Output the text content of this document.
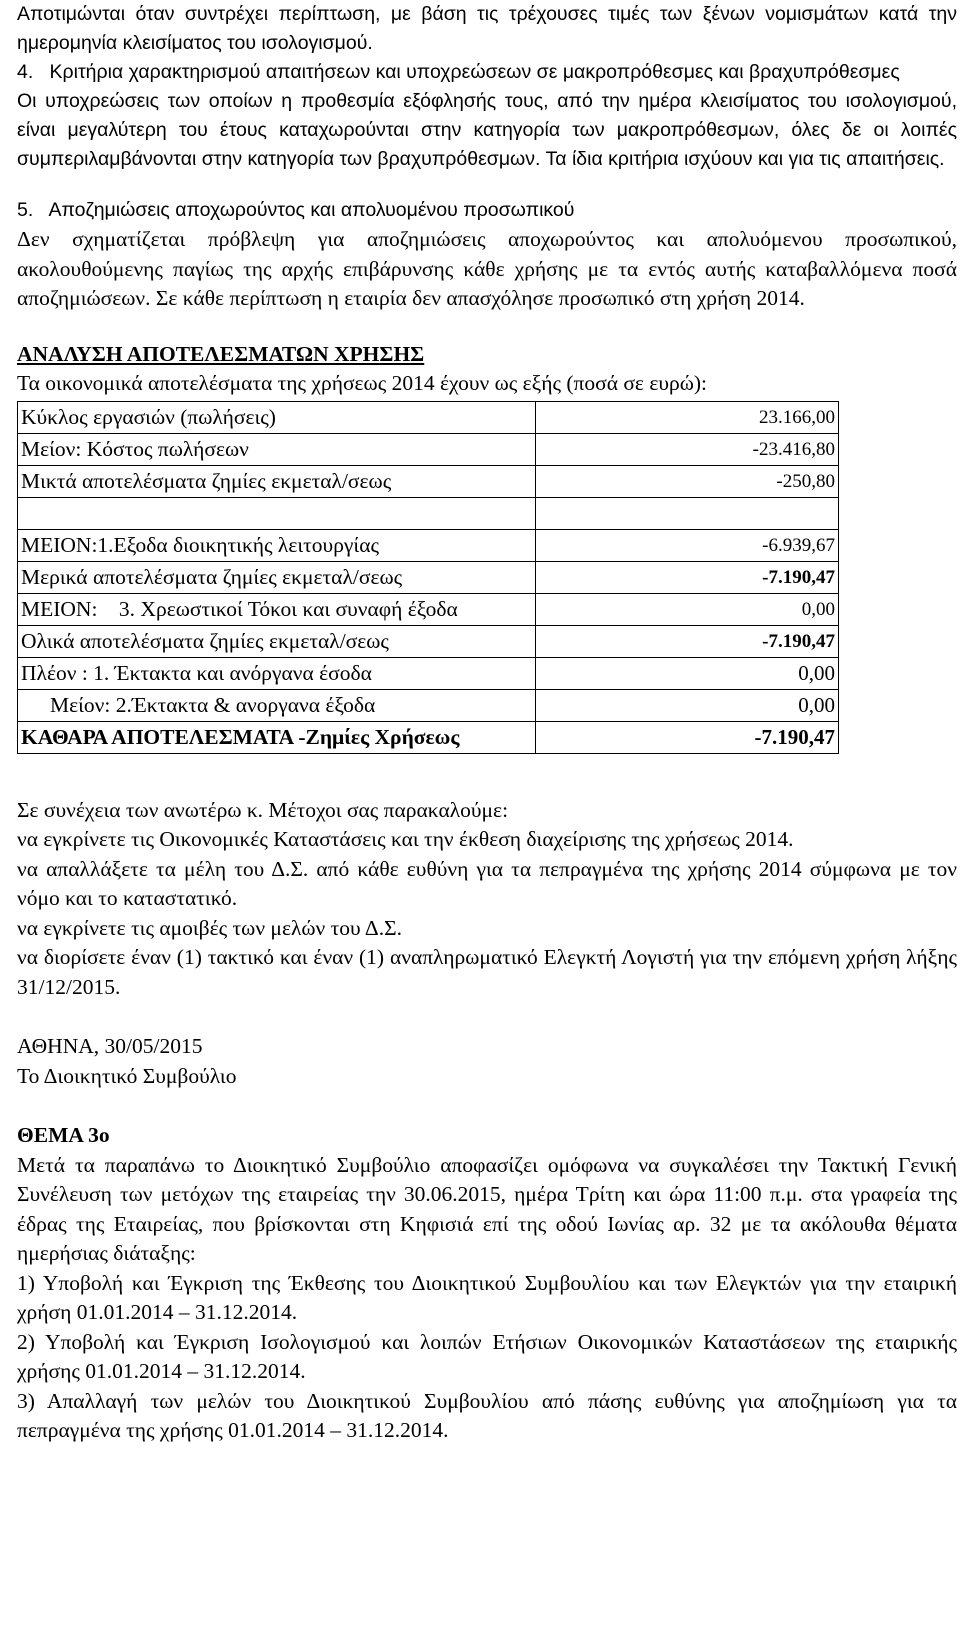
Αποτιμώνται όταν συντρέχει περίπτωση, με βάση τις τρέχουσες τιμές των ξένων νομισμάτων κατά την ημερομηνία κλεισίματος του ισολογισμού.

4.   Κριτήρια χαρακτηρισμού απαιτήσεων και υποχρεώσεων σε μακροπρόθεσμες και βραχυπρόθεσμες

Οι υποχρεώσεις των οποίων η προθεσμία εξόφλησής τους, από την ημέρα κλεισίματος του ισολογισμού, είναι μεγαλύτερη του έτους καταχωρούνται στην κατηγορία των μακροπρόθεσμων, όλες δε οι λοιπές συμπεριλαμβάνονται στην κατηγορία των βραχυπρόθεσμων. Τα ίδια κριτήρια ισχύουν και για τις απαιτήσεις.

5.   Αποζημιώσεις αποχωρούντος και απολυομένου προσωπικού

Δεν σχηματίζεται πρόβλεψη για αποζημιώσεις αποχωρούντος και απολυόμενου προσωπικού, ακολουθούμενης παγίως της αρχής επιβάρυνσης κάθε χρήσης με τα εντός αυτής καταβαλλόμενα ποσά αποζημιώσεων. Σε κάθε περίπτωση η εταιρία δεν απασχόλησε προσωπικό στη χρήση 2014.

ΑΝΑΛΥΣΗ ΑΠΟΤΕΛΕΣΜΑΤΩΝ ΧΡΗΣΗΣ

Τα οικονομικά αποτελέσματα της χρήσεως 2014 έχουν ως εξής (ποσά σε ευρώ):

Κύκλος εργασιών (πωλήσεις)	23.166,00
Μείον: Κόστος πωλήσεων	-23.416,80
Μικτά αποτελέσματα ζημίες εκμεταλ/σεως	-250,80

ΜΕΙΟΝ:1.Εξοδα διοικητικής λειτουργίας	-6.939,67
Μερικά αποτελέσματα ζημίες εκμεταλ/σεως	-7.190,47
ΜΕΙΟΝ:    3. Χρεωστικοί Τόκοι και συναφή έξοδα	0,00
Ολικά αποτελέσματα ζημίες εκμεταλ/σεως	-7.190,47
Πλέον : 1. Έκτακτα και ανόργανα έσοδα	0,00
Μείον: 2.Έκτακτα & ανοργανα έξοδα	0,00
ΚΑΘΑΡΑ ΑΠΟΤΕΛΕΣΜΑΤΑ -Ζημίες Χρήσεως	-7.190,47

Σε συνέχεια των ανωτέρω κ. Μέτοχοι σας παρακαλούμε:

να εγκρίνετε τις Οικονομικές Καταστάσεις και την έκθεση διαχείρισης της χρήσεως 2014.

να απαλλάξετε τα μέλη του Δ.Σ. από κάθε ευθύνη για τα πεπραγμένα της χρήσης 2014 σύμφωνα με τον νόμο και το καταστατικό.

να εγκρίνετε τις αμοιβές των μελών του Δ.Σ.

να διορίσετε έναν (1) τακτικό και έναν (1) αναπληρωματικό Ελεγκτή Λογιστή για την επόμενη χρήση λήξης 31/12/2015.

ΑΘΗΝΑ, 30/05/2015

Το Διοικητικό Συμβούλιο

ΘΕΜΑ 3ο

Μετά τα παραπάνω το Διοικητικό Συμβούλιο αποφασίζει ομόφωνα να συγκαλέσει την Τακτική Γενική Συνέλευση των μετόχων της εταιρείας την 30.06.2015, ημέρα Τρίτη και ώρα 11:00 π.μ. στα γραφεία της έδρας της Εταιρείας, που βρίσκονται στη Κηφισιά επί της οδού Ιωνίας αρ. 32 με τα ακόλουθα θέματα ημερήσιας διάταξης:

1) Υποβολή και Έγκριση της Έκθεσης του Διοικητικού Συμβουλίου και των Ελεγκτών για την εταιρική χρήση 01.01.2014 – 31.12.2014.

2) Υποβολή και Έγκριση Ισολογισμού και λοιπών Ετήσιων Οικονομικών Καταστάσεων της εταιρικής χρήσης 01.01.2014 – 31.12.2014.

3) Απαλλαγή των μελών του Διοικητικού Συμβουλίου από πάσης ευθύνης για αποζημίωση για τα πεπραγμένα της χρήσης 01.01.2014 – 31.12.2014.
